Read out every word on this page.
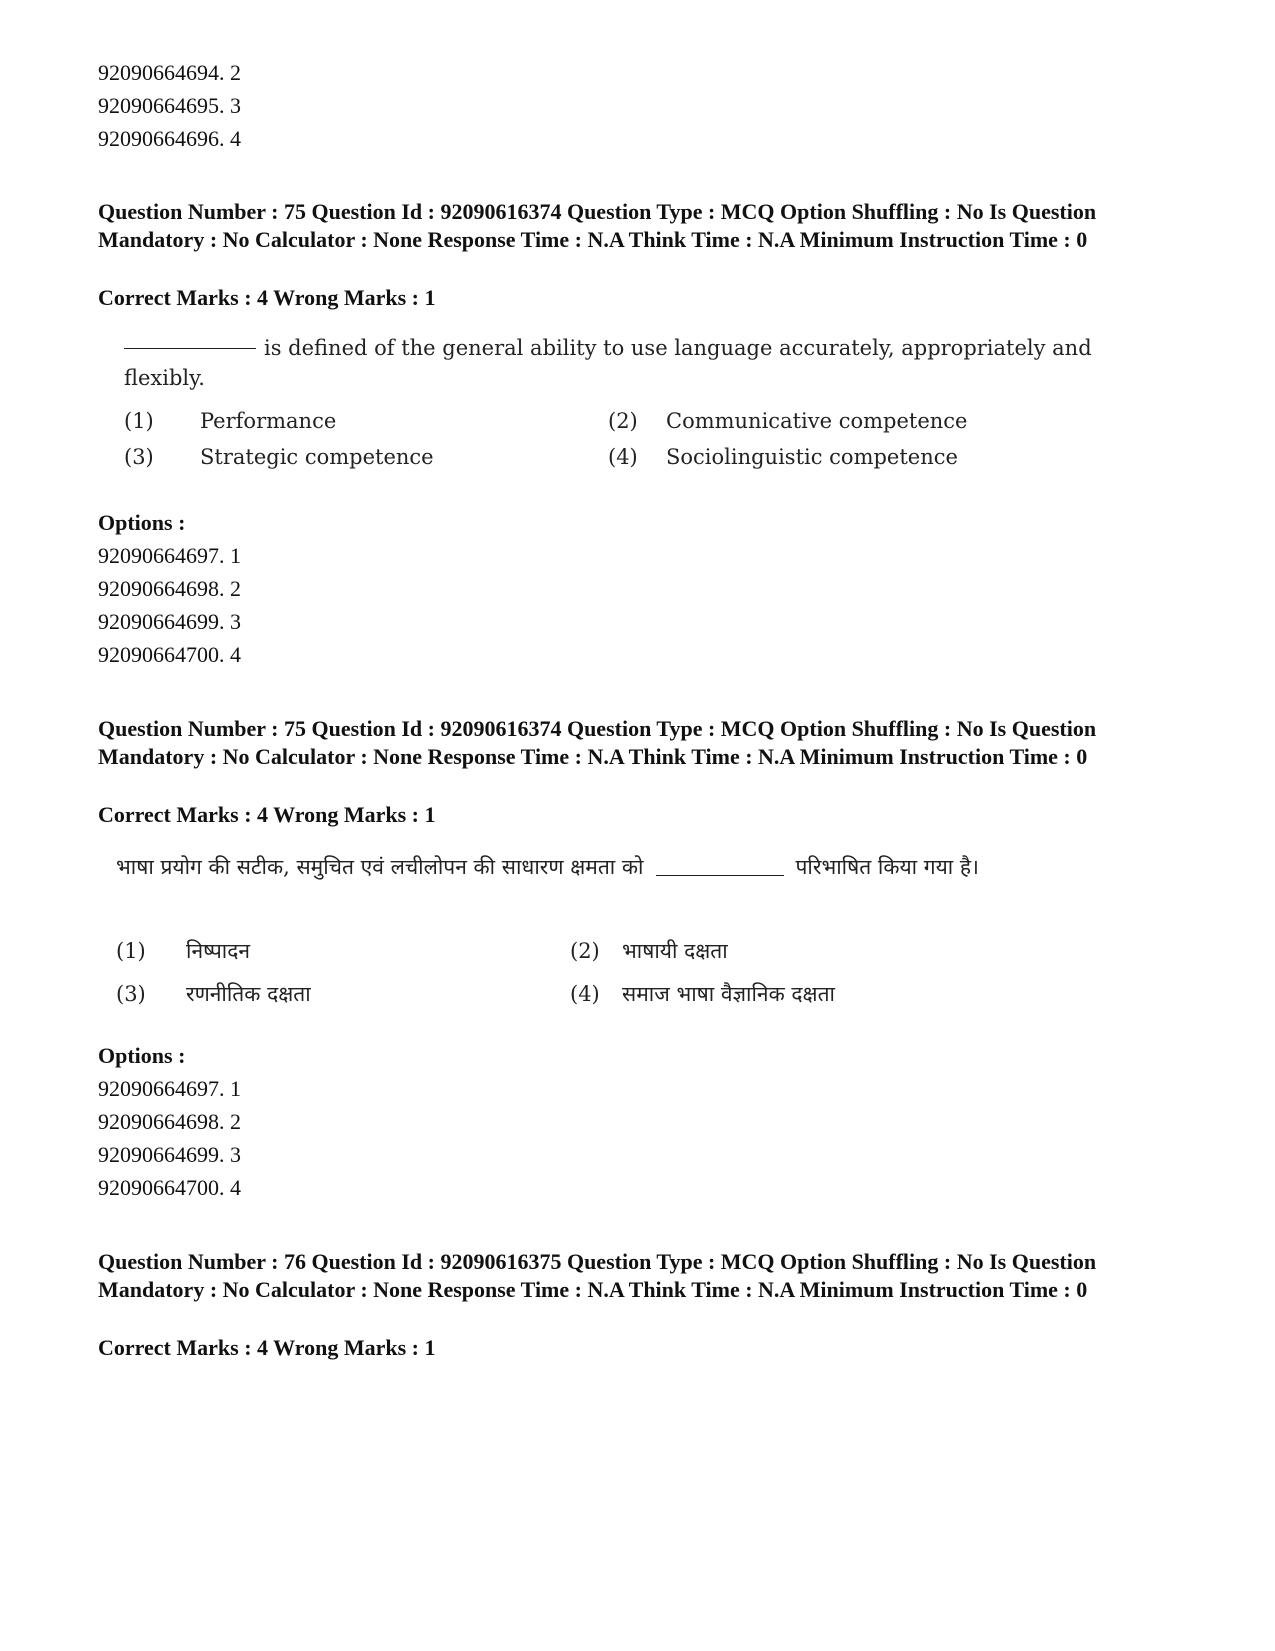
92090664694. 2
92090664695. 3
92090664696. 4
Question Number : 75 Question Id : 92090616374 Question Type : MCQ Option Shuffling : No Is Question Mandatory : No Calculator : None Response Time : N.A Think Time : N.A Minimum Instruction Time : 0
Correct Marks : 4 Wrong Marks : 1
is defined of the general ability to use language accurately, appropriately and flexibly.
(1) Performance	(2) Communicative competence
(3) Strategic competence	(4) Sociolinguistic competence
Options :
92090664697. 1
92090664698. 2
92090664699. 3
92090664700. 4
Question Number : 75 Question Id : 92090616374 Question Type : MCQ Option Shuffling : No Is Question Mandatory : No Calculator : None Response Time : N.A Think Time : N.A Minimum Instruction Time : 0
Correct Marks : 4 Wrong Marks : 1
भाषा प्रयोग की सटीक, समुचित एवं लचीलोपन की साधारण क्षमता को	परिभाषित किया गया है।
(1) निष्पादन	(2) भाषायी दक्षता
(3) रणनीतिक दक्षता	(4) समाज भाषा वैज्ञानिक दक्षता
Options :
92090664697. 1
92090664698. 2
92090664699. 3
92090664700. 4
Question Number : 76 Question Id : 92090616375 Question Type : MCQ Option Shuffling : No Is Question Mandatory : No Calculator : None Response Time : N.A Think Time : N.A Minimum Instruction Time : 0
Correct Marks : 4 Wrong Marks : 1
